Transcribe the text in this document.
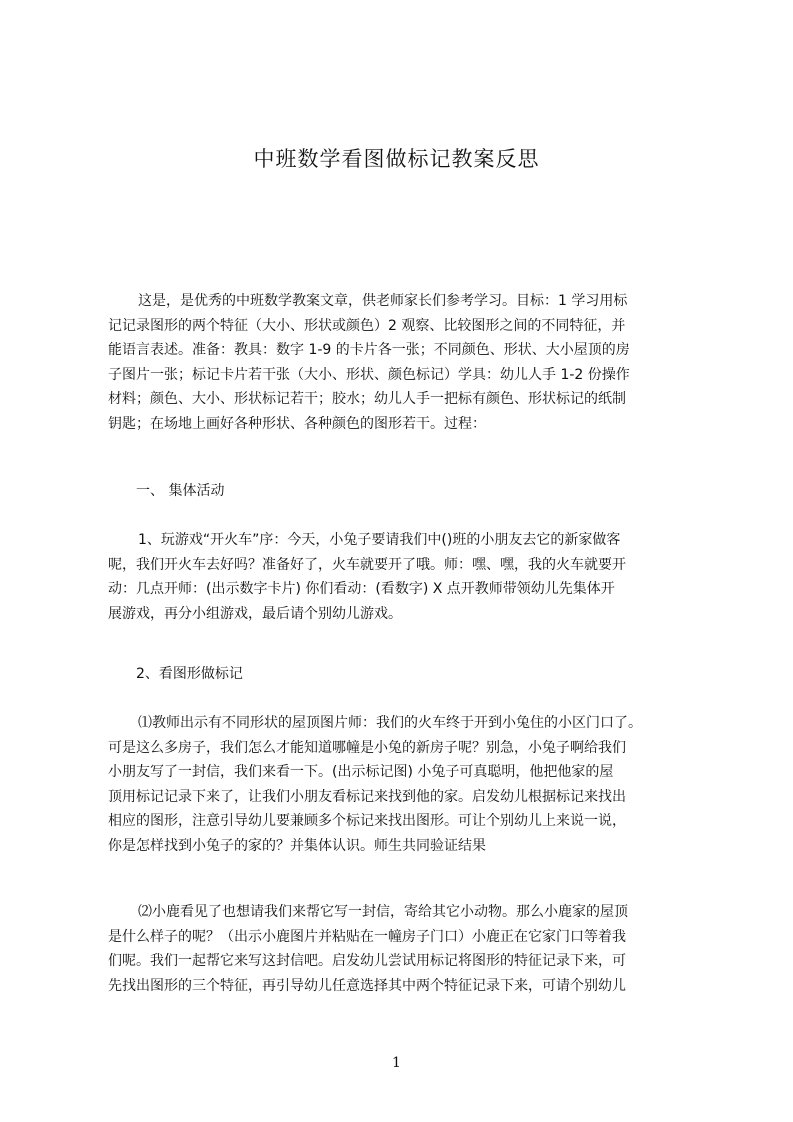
中班数学看图做标记教案反思
这是，是优秀的中班数学教案文章，供老师家长们参考学习。目标：1 学习用标
记记录图形的两个特征（大小、形状或颜色）2 观察、比较图形之间的不同特征，并
能语言表述。准备：教具：数字 1-9 的卡片各一张；不同颜色、形状、大小屋顶的房
子图片一张；标记卡片若干张（大小、形状、颜色标记）学具：幼儿人手 1-2 份操作
材料；颜色、大小、形状标记若干；胶水；幼儿人手一把标有颜色、形状标记的纸制
钥匙；在场地上画好各种形状、各种颜色的图形若干。过程：
一、 集体活动
1、玩游戏“开火车”序：今天，小兔子要请我们中()班的小朋友去它的新家做客
呢，我们开火车去好吗？准备好了，火车就要开了哦。师：嘿、嘿，我的火车就要开
动：几点开师：(出示数字卡片) 你们看动：(看数字) X 点开教师带领幼儿先集体开
展游戏，再分小组游戏，最后请个别幼儿游戏。
2、看图形做标记
⑴教师出示有不同形状的屋顶图片师：我们的火车终于开到小兔住的小区门口了。
可是这么多房子，我们怎么才能知道哪幢是小兔的新房子呢？别急，小兔子啊给我们
小朋友写了一封信，我们来看一下。(出示标记图) 小兔子可真聪明，他把他家的屋
顶用标记记录下来了，让我们小朋友看标记来找到他的家。启发幼儿根据标记来找出
相应的图形，注意引导幼儿要兼顾多个标记来找出图形。可让个别幼儿上来说一说，
你是怎样找到小兔子的家的？并集体认识。师生共同验证结果
⑵小鹿看见了也想请我们来帮它写一封信，寄给其它小动物。那么小鹿家的屋顶
是什么样子的呢？（出示小鹿图片并粘贴在一幢房子门口）小鹿正在它家门口等着我
们呢。我们一起帮它来写这封信吧。启发幼儿尝试用标记将图形的特征记录下来，可
先找出图形的三个特征，再引导幼儿任意选择其中两个特征记录下来，可请个别幼儿
1
